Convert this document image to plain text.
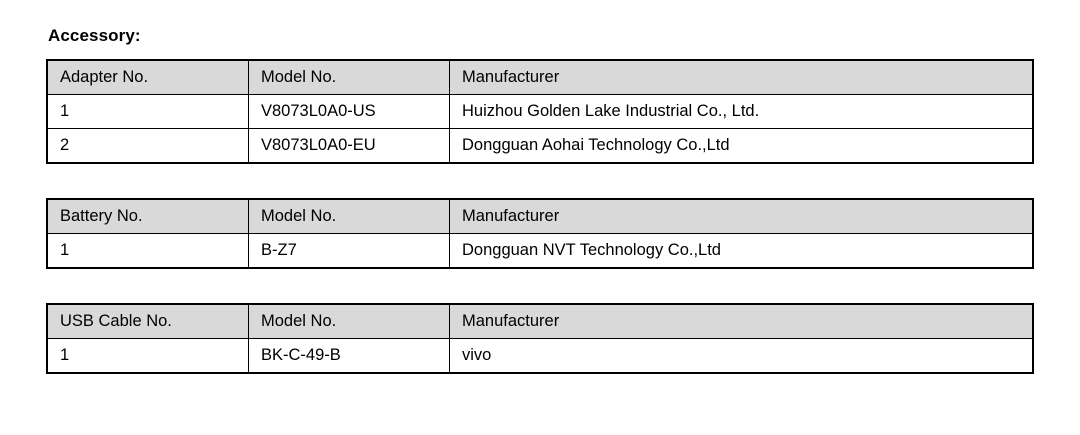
Accessory:
Adapter No.	Model No.	Manufacturer
1	V8073L0A0-US	Huizhou Golden Lake Industrial Co., Ltd.
2	V8073L0A0-EU	Dongguan Aohai Technology Co.,Ltd
Battery No.	Model No.	Manufacturer
1	B-Z7	Dongguan NVT Technology Co.,Ltd
USB Cable No.	Model No.	Manufacturer
1	BK-C-49-B	vivo
